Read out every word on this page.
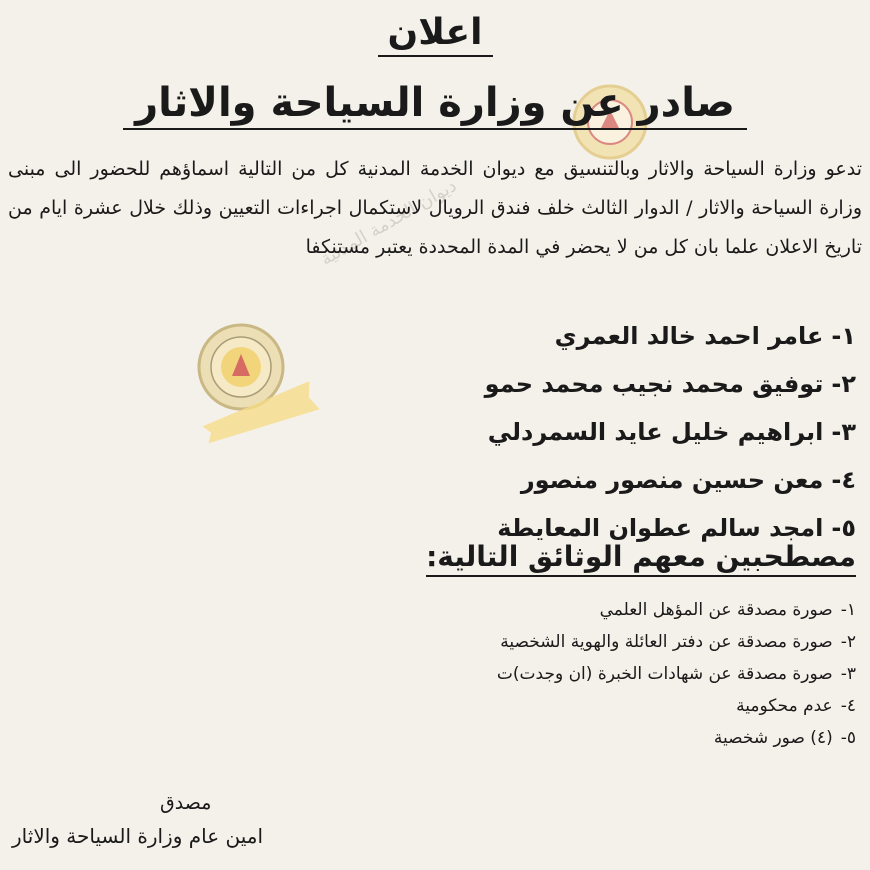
ديوان الخدمة المدنية
اعلان
صادر عن وزارة السياحة والاثار
تدعو وزارة السياحة والاثار وبالتنسيق مع ديوان الخدمة المدنية كل من التالية اسماؤهم للحضور الى مبنى وزارة السياحة والاثار / الدوار الثالث خلف فندق الرويال لاستكمال اجراءات التعيين وذلك خلال عشرة ايام من تاريخ الاعلان علما بان كل من لا يحضر في المدة المحددة يعتبر مستنكفا
١-عامر احمد خالد العمري
٢-توفيق محمد نجيب محمد حمو
٣-ابراهيم خليل عايد السمردلي
٤-معن حسين منصور منصور
٥-امجد سالم عطوان المعايطة
مصطحبين معهم الوثائق التالية:
١-صورة مصدقة عن المؤهل العلمي
٢-صورة مصدقة عن دفتر العائلة والهوية الشخصية
٣-صورة مصدقة عن شهادات الخبرة (ان وجدت)ت
٤-عدم محكومية
٥-(٤) صور شخصية
مصدق
امين عام وزارة السياحة والاثار
